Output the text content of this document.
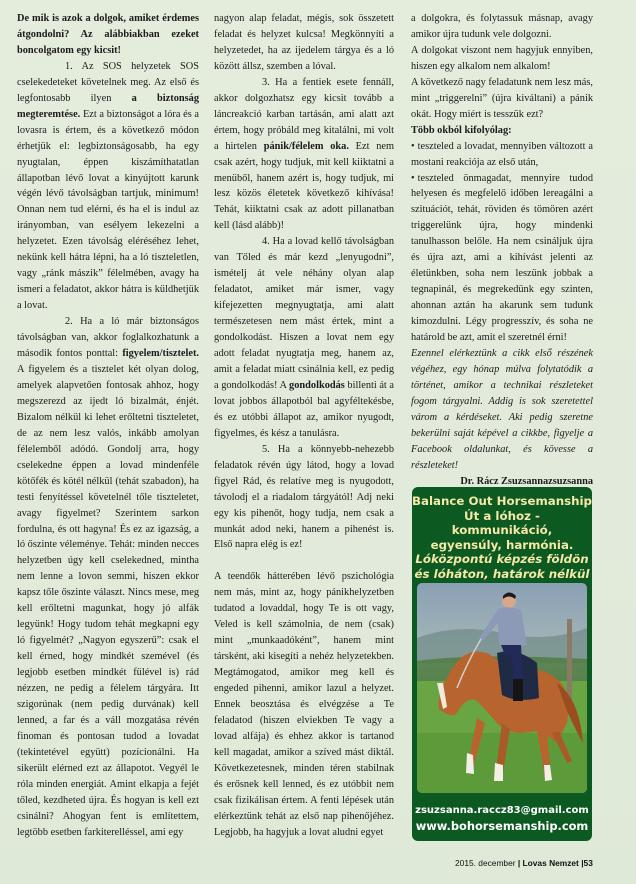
De mik is azok a dolgok, amiket érdemes átgondolni? Az alábbiakban ezeket boncolgatom egy kicsit!

1. Az SOS helyzetek SOS cselekedeteket követelnek meg. Az első és legfontosabb ilyen a biztonság megteremtése. Ezt a biztonságot a lóra és a lovasra is értem, és a következő módon érhetjük el: legbiztonságosabb, ha egy nyugtalan, éppen kiszámíthatatlan állapotban lévő lovat a kinyújtott karunk végén lévő távolságban tartjuk, minimum! Onnan nem tud elérni, és ha el is indul az irányomban, van esélyem lekezelni a helyzetet. Ezen távolság eléréséhez lehet, nekünk kell hátra lépni, ha a ló tiszteletlen, vagy „ránk mászik” félelmében, avagy ha ismeri a feladatot, akkor hátra is küldhetjük a lovat.

2. Ha a ló már biztonságos távolságban van, akkor foglalkozhatunk a második fontos ponttal: figyelem/tisztelet. A figyelem és a tisztelet két olyan dolog, amelyek alapvetően fontosak ahhoz, hogy megszerezd az ijedt ló bizalmát, énjét. Bizalom nélkül ki lehet erőltetni tiszteletet, de az nem lesz valós, inkább amolyan félelemből adódó. Gondolj arra, hogy cselekedne éppen a lovad mindenféle kötőfék és kötél nélkül (tehát szabadon), ha testi fenyítéssel követelnél tőle tiszteletet, avagy figyelmet? Szerintem sarkon fordulna, és ott hagyna! És ez az igazság, a ló őszinte véleménye. Tehát: minden necces helyzetben úgy kell cselekedned, mintha nem lenne a lovon semmi, hiszen ekkor kapsz tőle őszinte választ. Nincs mese, meg kell erőltetni magunkat, hogy jó alfák legyünk! Hogy tudom tehát megkapni egy ló figyelmét? „Nagyon egyszerű”: csak el kell érned, hogy mindkét szemével (és legjobb esetben mindkét fülével is) rád nézzen, ne pedig a félelem tárgyára. Itt szigorúnak (nem pedig durvának) kell lenned, a far és a váll mozgatása révén finoman és pontosan tudod a lovadat (tekintetével együtt) pozícionálni. Ha sikerült elérned ezt az állapotot. Vegyél le róla minden energiát. Amint elkapja a fejét tőled, kezdheted újra. És hogyan is kell ezt csinálni? Ahogyan fent is említettem, legtöbb esetben farkiterelléssel, ami egy

nagyon alap feladat, mégis, sok összetett feladat és helyzet kulcsa! Megkönnyíti a helyzetedet, ha az ijedelem tárgya és a ló között állsz, szemben a lóval.

3. Ha a fentiek esete fennáll, akkor dolgozhatsz egy kicsit tovább a láncreakció karban tartásán, ami alatt azt értem, hogy próbáld meg kitalálni, mi volt a hirtelen pánik/félelem oka. Ezt nem csak azért, hogy tudjuk, mit kell kiiktatni a menüből, hanem azért is, hogy tudjuk, mi lesz közös életetek következő kihívása! Tehát, kiiktatni csak az adott pillanatban kell (lásd alább)!

4. Ha a lovad kellő távolságban van Tőled és már kezd „lenyugodni”, ismételj át vele néhány olyan alap feladatot, amiket már ismer, vagy kifejezetten megnyugtatja, ami alatt természetesen nem mást értek, mint a gondolkodást. Hiszen a lovat nem egy adott feladat nyugtatja meg, hanem az, amit a feladat miatt csinálnia kell, ez pedig a gondolkodás! A gondolkodás billenti át a lovat jobbos állapotból bal agyféltekésbe, és ez utóbbi állapot az, amikor nyugodt, figyelmes, és kész a tanulásra.

5. Ha a könnyebb-nehezebb feladatok révén úgy látod, hogy a lovad figyel Rád, és relatíve meg is nyugodott, távolodj el a riadalom tárgyától! Adj neki egy kis pihenőt, hogy tudja, nem csak a munkát adod neki, hanem a pihenést is. Első napra elég is ez!

A teendők hátterében lévő pszichológia nem más, mint az, hogy pánikhelyzetben tudatod a lovaddal, hogy Te is ott vagy, Veled is kell számolnia, de nem (csak) mint „munkaadóként”, hanem mint társként, aki kisegíti a nehéz helyzetekben. Megtámogatod, amikor meg kell és engeded pihenni, amikor lazul a helyzet. Ennek beosztása és elvégzése a Te feladatod (hiszen elviekben Te vagy a lovad alfája) és ehhez akkor is tartanod kell magadat, amikor a szíved mást diktál. Következetesnek, minden téren stabilnak és erősnek kell lenned, és ez utóbbit nem csak fizikálisan értem. A fenti lépések után elérkeztünk tehát az első nap pihenőjéhez. Legjobb, ha hagyjuk a lovat aludni egyet

a dolgokra, és folytassuk másnap, avagy amikor újra tudunk vele dolgozni.

A dolgokat viszont nem hagyjuk ennyiben, hiszen egy alkalom nem alkalom!

A következő nagy feladatunk nem lesz más, mint „triggerelni” (újra kiváltani) a pánik okát. Hogy miért is tesszük ezt?

Több okból kifolyólag:

• teszteled a lovadat, mennyiben változott a mostani reakciója az első után,

• teszteled önmagadat, mennyire tudod helyesen és megfelelő időben lereagálni a szituációt, tehát, röviden és tömören azért triggerelünk újra, hogy mindenki tanulhasson belőle. Ha nem csináljuk újra és újra azt, ami a kihívást jelenti az életünkben, soha nem leszünk jobbak a tegnapinál, és megrekedünk egy szinten, ahonnan aztán ha akarunk sem tudunk kimozdulni. Légy progresszív, és soha ne határold be azt, amit el szeretnél érni!

Ezennel elérkeztünk a cikk első részének végéhez, egy hónap múlva folytatódik a történet, amikor a technikai részleteket fogom tárgyalni. Addig is sok szeretettel várom a kérdéseket. Aki pedig szeretne bekerülni saját képével a cikkbe, figyelje a Facebook oldalunkat, és kövesse a részleteket!

Dr. Rácz Zsuzsannazsuzsanna

Balance Out Horsemanship
Út a lóhoz - kommunikáció,
egyensúly, harmónia.
Lóközpontú képzés földön
és lóháton, határok nélkül
zsuzsanna.raccz83@gmail.com
www.bohorsemanship.com
2015. december | Lovas Nemzet |53
